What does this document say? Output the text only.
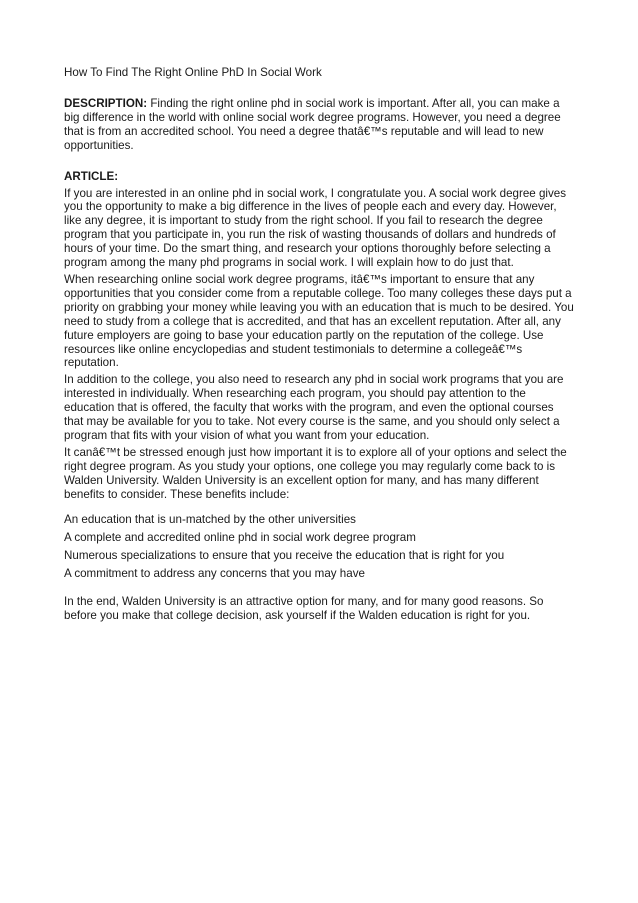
How To Find The Right Online PhD In Social Work

DESCRIPTION: Finding the right online phd in social work is important. After all, you can make a big difference in the world with online social work degree programs. However, you need a degree that is from an accredited school. You need a degree thatâ€™s reputable and will lead to new opportunities.

ARTICLE:

If you are interested in an online phd in social work, I congratulate you. A social work degree gives you the opportunity to make a big difference in the lives of people each and every day. However, like any degree, it is important to study from the right school. If you fail to research the degree program that you participate in, you run the risk of wasting thousands of dollars and hundreds of hours of your time. Do the smart thing, and research your options thoroughly before selecting a program among the many phd programs in social work. I will explain how to do just that.

When researching online social work degree programs, itâ€™s important to ensure that any opportunities that you consider come from a reputable college. Too many colleges these days put a priority on grabbing your money while leaving you with an education that is much to be desired. You need to study from a college that is accredited, and that has an excellent reputation. After all, any future employers are going to base your education partly on the reputation of the college. Use resources like online encyclopedias and student testimonials to determine a collegeâ€™s reputation.

In addition to the college, you also need to research any phd in social work programs that you are interested in individually. When researching each program, you should pay attention to the education that is offered, the faculty that works with the program, and even the optional courses that may be available for you to take. Not every course is the same, and you should only select a program that fits with your vision of what you want from your education.

It canâ€™t be stressed enough just how important it is to explore all of your options and select the right degree program. As you study your options, one college you may regularly come back to is Walden University. Walden University is an excellent option for many, and has many different benefits to consider. These benefits include:

An education that is un-matched by the other universities
A complete and accredited online phd in social work degree program
Numerous specializations to ensure that you receive the education that is right for you
A commitment to address any concerns that you may have

In the end, Walden University is an attractive option for many, and for many good reasons. So before you make that college decision, ask yourself if the Walden education is right for you.
